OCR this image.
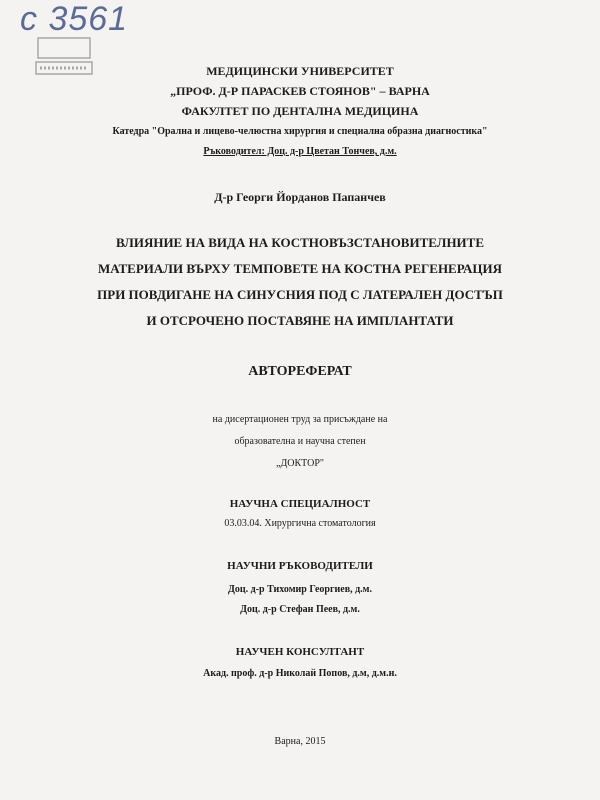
с 3561
МЕДИЦИНСКИ УНИВЕРСИТЕТ
„ПРОФ. Д-Р ПАРАСКЕВ СТОЯНОВ" – ВАРНА
ФАКУЛТЕТ ПО ДЕНТАЛНА МЕДИЦИНА
Катедра "Орална и лицево-челюстна хирургия и специална образна диагностика"
Ръководител: Доц. д-р Цветан Тончев, д.м.
Д-р Георги Йорданов Папанчев
ВЛИЯНИЕ НА ВИДА НА КОСТНОВЪЗСТАНОВИТЕЛНИТЕ
МАТЕРИАЛИ ВЪРХУ ТЕМПОВЕТЕ НА КОСТНА РЕГЕНЕРАЦИЯ
ПРИ ПОВДИГАНЕ НА СИНУСНИЯ ПОД С ЛАТЕРАЛЕН ДОСТЪП
И ОТСРОЧЕНО ПОСТАВЯНЕ НА ИМПЛАНТАТИ
АВТОРЕФЕРАТ
на дисертационен труд за присъждане на
образователна и научна степен
„ДОКТОР"
НАУЧНА СПЕЦИАЛНОСТ
03.03.04. Хирургична стоматология
НАУЧНИ РЪКОВОДИТЕЛИ
Доц. д-р Тихомир Георгиев, д.м.
Доц. д-р Стефан Пеев, д.м.
НАУЧЕН КОНСУЛТАНТ
Акад. проф. д-р Николай Попов, д.м, д.м.н.
Варна, 2015
